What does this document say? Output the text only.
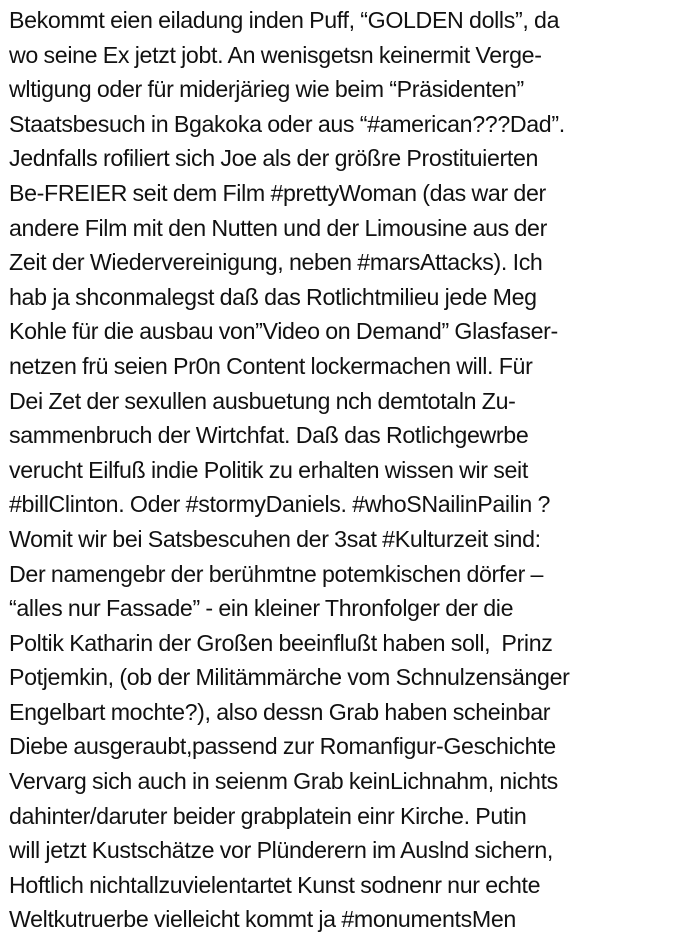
Bekommt eien eiladung inden Puff, “GOLDEN dolls”, da
wo seine Ex jetzt jobt. An wenisgetsn keinermit Verge-
wltigung oder für miderjärieg wie beim “Präsidenten”
Staatsbesuch in Bgakoka oder aus “#american???Dad”.
Jednfalls rofiliert sich Joe als der größre Prostituierten
Be-FREIER seit dem Film #prettyWoman (das war der
andere Film mit den Nutten und der Limousine aus der
Zeit der Wiedervereinigung, neben #marsAttacks). Ich
hab ja shconmalegst daß das Rotlichtmilieu jede Meg
Kohle für die ausbau von”Video on Demand” Glasfaser-
netzen frü seien Pr0n Content lockermachen will. Für
Dei Zet der sexullen ausbuetung nch demtotaln Zu-
sammenbruch der Wirtchfat. Daß das Rotlichgewrbe
verucht Eilfuß indie Politik zu erhalten wissen wir seit
#billClinton. Oder #stormyDaniels. #whoSNailinPailin ?
Womit wir bei Satsbescuhen der 3sat #Kulturzeit sind:
Der namengebr der berühmtne potemkischen dörfer –
“alles nur Fassade” - ein kleiner Thronfolger der die
Poltik Katharin der Großen beeinflußt haben soll,  Prinz
Potjemkin, (ob der Militämmärche vom Schnulzensänger
Engelbart mochte?), also dessn Grab haben scheinbar
Diebe ausgeraubt,passend zur Romanfigur-Geschichte
Vervarg sich auch in seienm Grab keinLichnahm, nichts
dahinter/daruter beider grabplatein einr Kirche. Putin
will jetzt Kustschätze vor Plünderern im Auslnd sichern,
Hoftlich nichtallzuvielentartet Kunst sodnenr nur echte
Weltkutruerbe vielleicht kommt ja #monumentsMen
